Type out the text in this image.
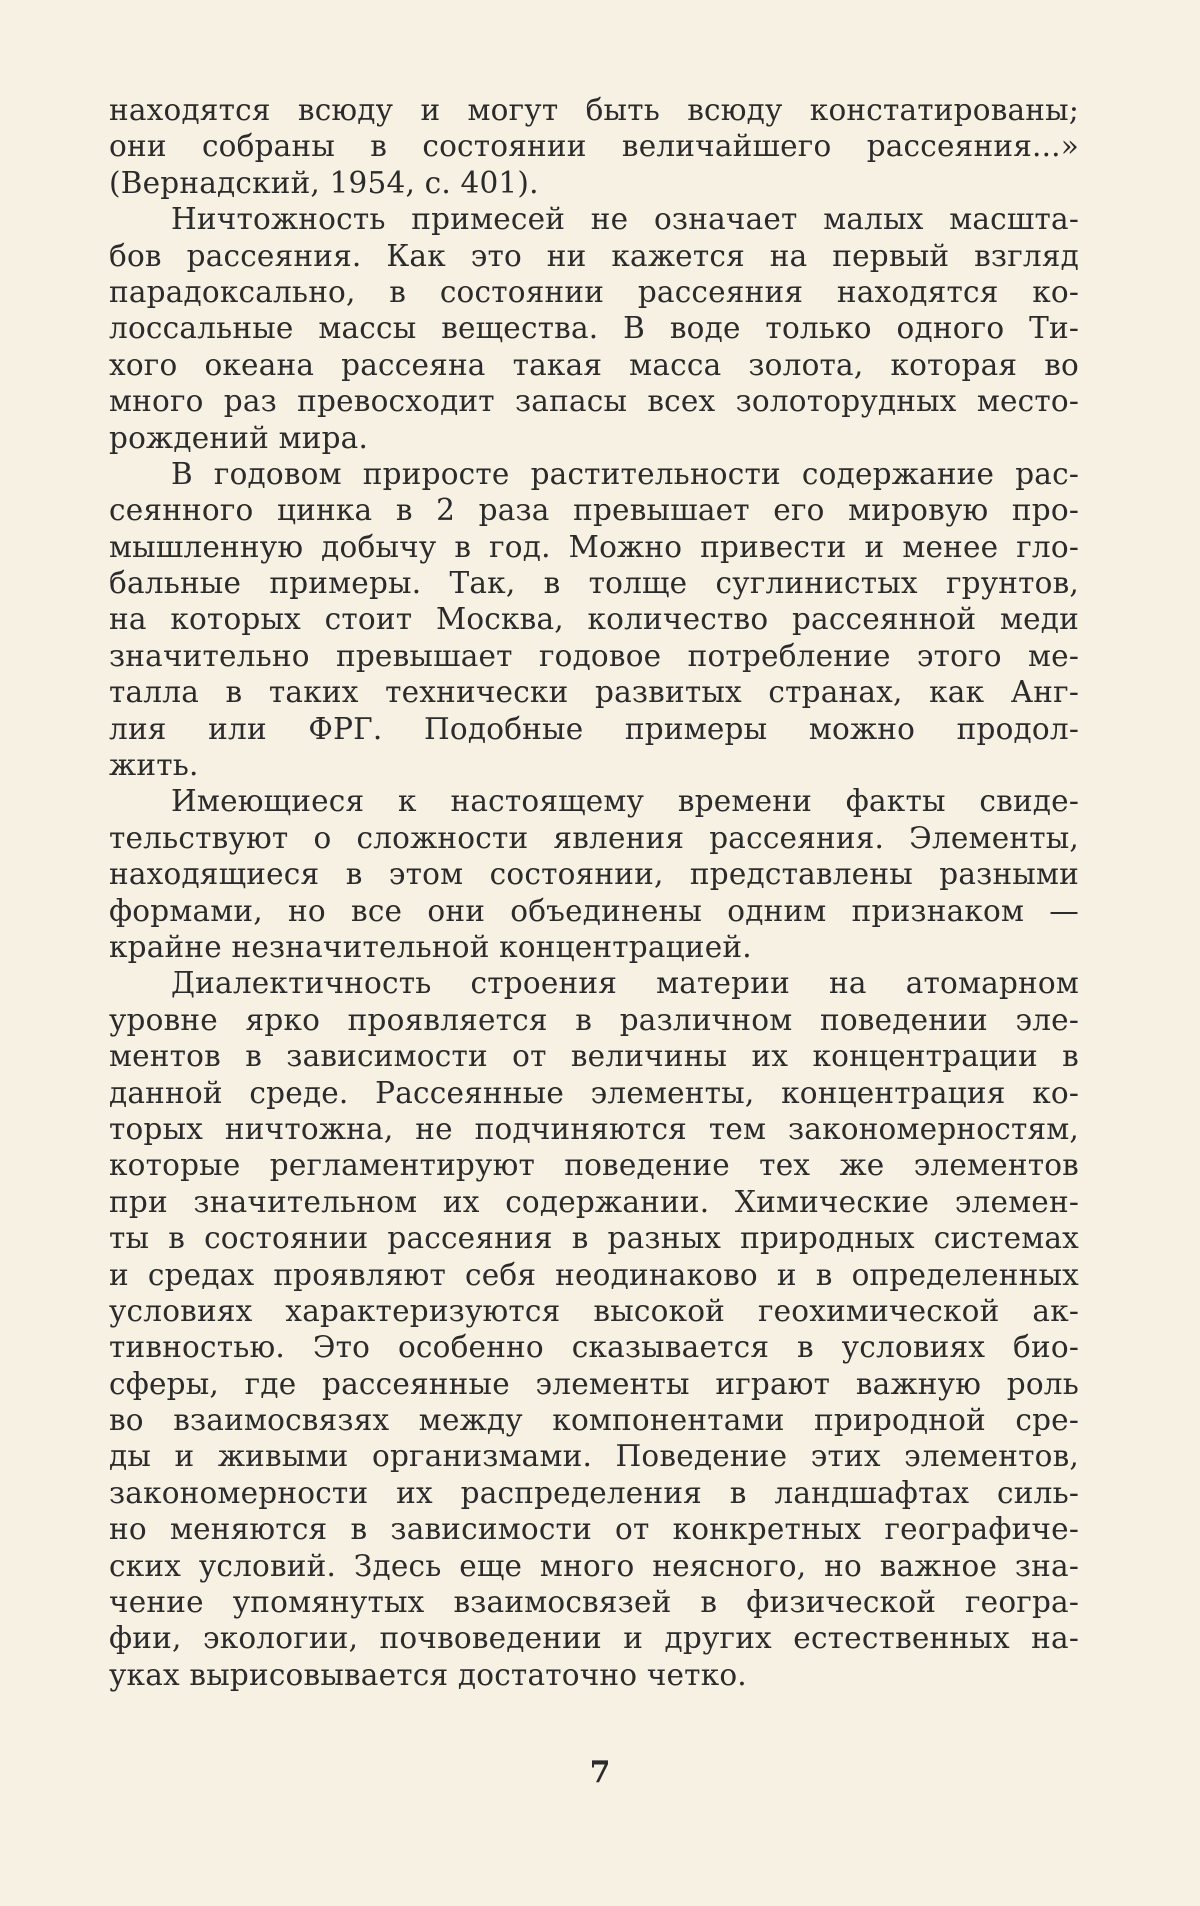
находятся всюду и могут быть всюду констатированы;
они собраны в состоянии величайшего рассеяния...»
(Вернадский, 1954, с. 401).
Ничтожность примесей не означает малых масшта-
бов рассеяния. Как это ни кажется на первый взгляд
парадоксально, в состоянии рассеяния находятся ко-
лоссальные массы вещества. В воде только одного Ти-
хого океана рассеяна такая масса золота, которая во
много раз превосходит запасы всех золоторудных место-
рождений мира.
В годовом приросте растительности содержание рас-
сеянного цинка в 2 раза превышает его мировую про-
мышленную добычу в год. Можно привести и менее гло-
бальные примеры. Так, в толще суглинистых грунтов,
на которых стоит Москва, количество рассеянной меди
значительно превышает годовое потребление этого ме-
талла в таких технически развитых странах, как Анг-
лия или ФРГ. Подобные примеры можно продол-
жить.
Имеющиеся к настоящему времени факты свиде-
тельствуют о сложности явления рассеяния. Элементы,
находящиеся в этом состоянии, представлены разными
формами, но все они объединены одним признаком —
крайне незначительной концентрацией.
Диалектичность строения материи на атомарном
уровне ярко проявляется в различном поведении эле-
ментов в зависимости от величины их концентрации в
данной среде. Рассеянные элементы, концентрация ко-
торых ничтожна, не подчиняются тем закономерностям,
которые регламентируют поведение тех же элементов
при значительном их содержании. Химические элемен-
ты в состоянии рассеяния в разных природных системах
и средах проявляют себя неодинаково и в определенных
условиях характеризуются высокой геохимической ак-
тивностью. Это особенно сказывается в условиях био-
сферы, где рассеянные элементы играют важную роль
во взаимосвязях между компонентами природной сре-
ды и живыми организмами. Поведение этих элементов,
закономерности их распределения в ландшафтах силь-
но меняются в зависимости от конкретных географиче-
ских условий. Здесь еще много неясного, но важное зна-
чение упомянутых взаимосвязей в физической геогра-
фии, экологии, почвоведении и других естественных на-
уках вырисовывается достаточно четко.
7
